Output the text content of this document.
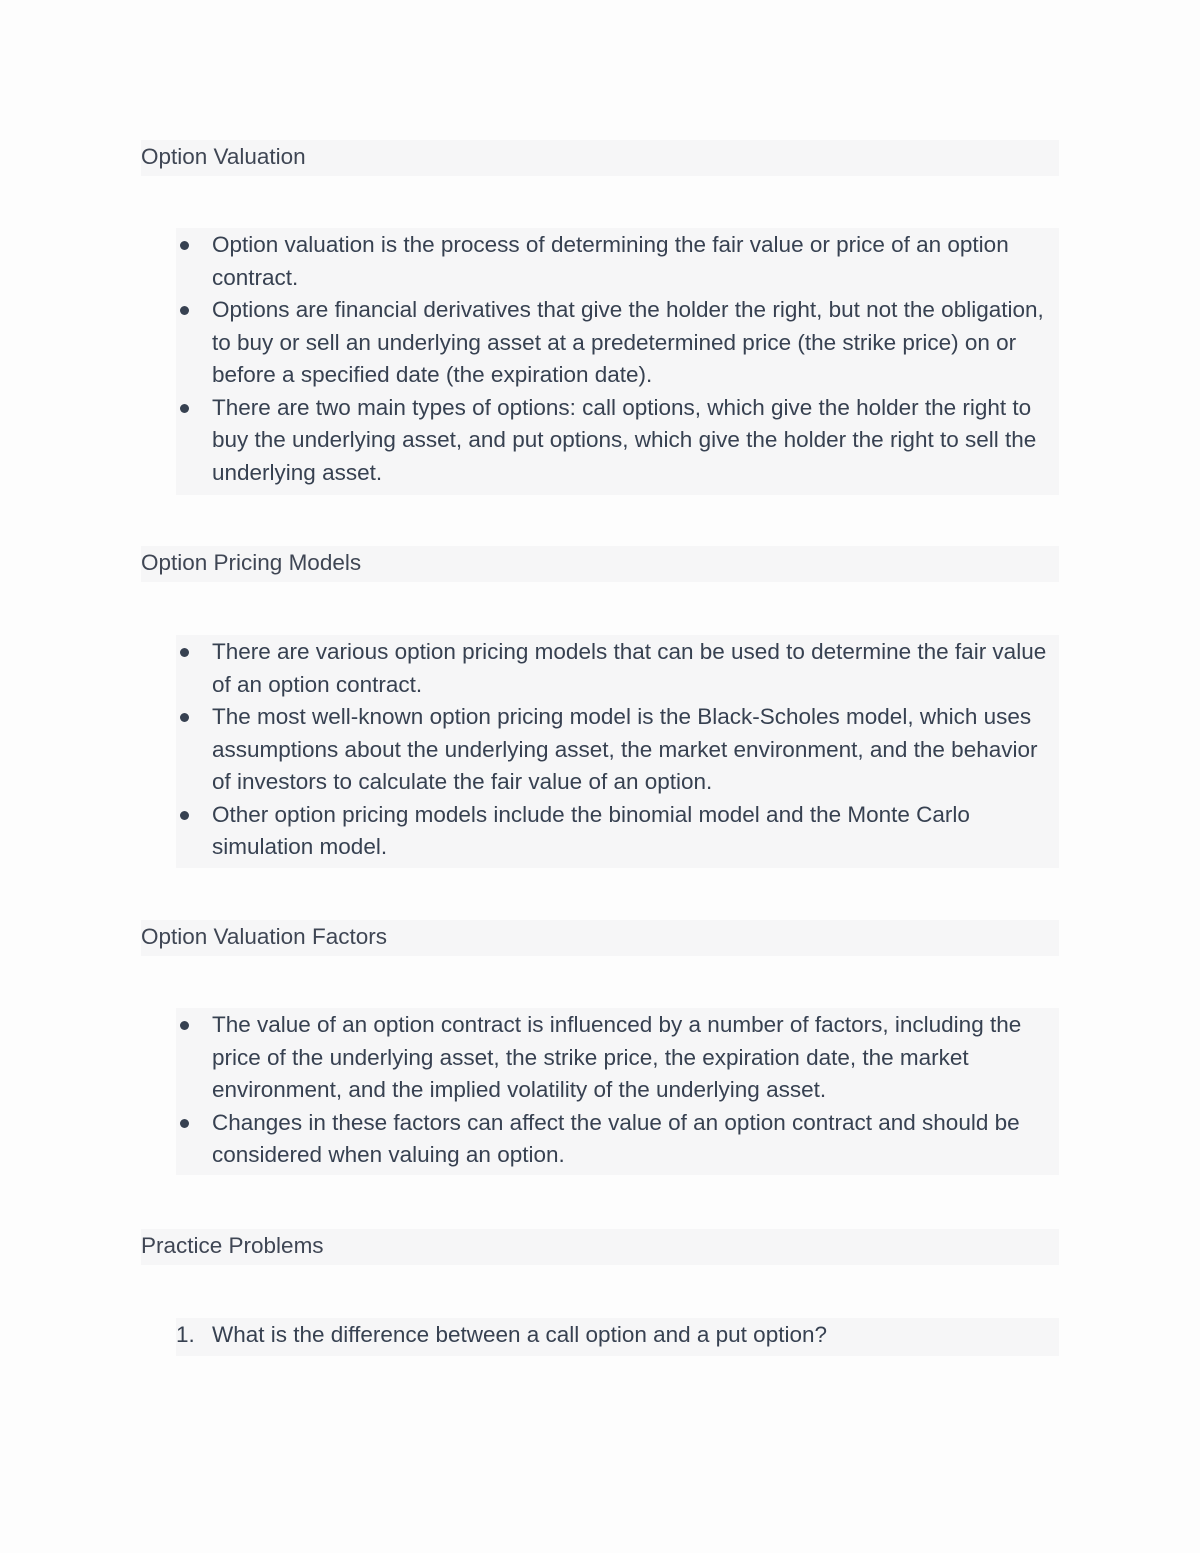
Option Valuation
Option valuation is the process of determining the fair value or price of an option contract.
Options are financial derivatives that give the holder the right, but not the obligation, to buy or sell an underlying asset at a predetermined price (the strike price) on or before a specified date (the expiration date).
There are two main types of options: call options, which give the holder the right to buy the underlying asset, and put options, which give the holder the right to sell the underlying asset.
Option Pricing Models
There are various option pricing models that can be used to determine the fair value of an option contract.
The most well-known option pricing model is the Black-Scholes model, which uses assumptions about the underlying asset, the market environment, and the behavior of investors to calculate the fair value of an option.
Other option pricing models include the binomial model and the Monte Carlo simulation model.
Option Valuation Factors
The value of an option contract is influenced by a number of factors, including the price of the underlying asset, the strike price, the expiration date, the market environment, and the implied volatility of the underlying asset.
Changes in these factors can affect the value of an option contract and should be considered when valuing an option.
Practice Problems
1. What is the difference between a call option and a put option?
